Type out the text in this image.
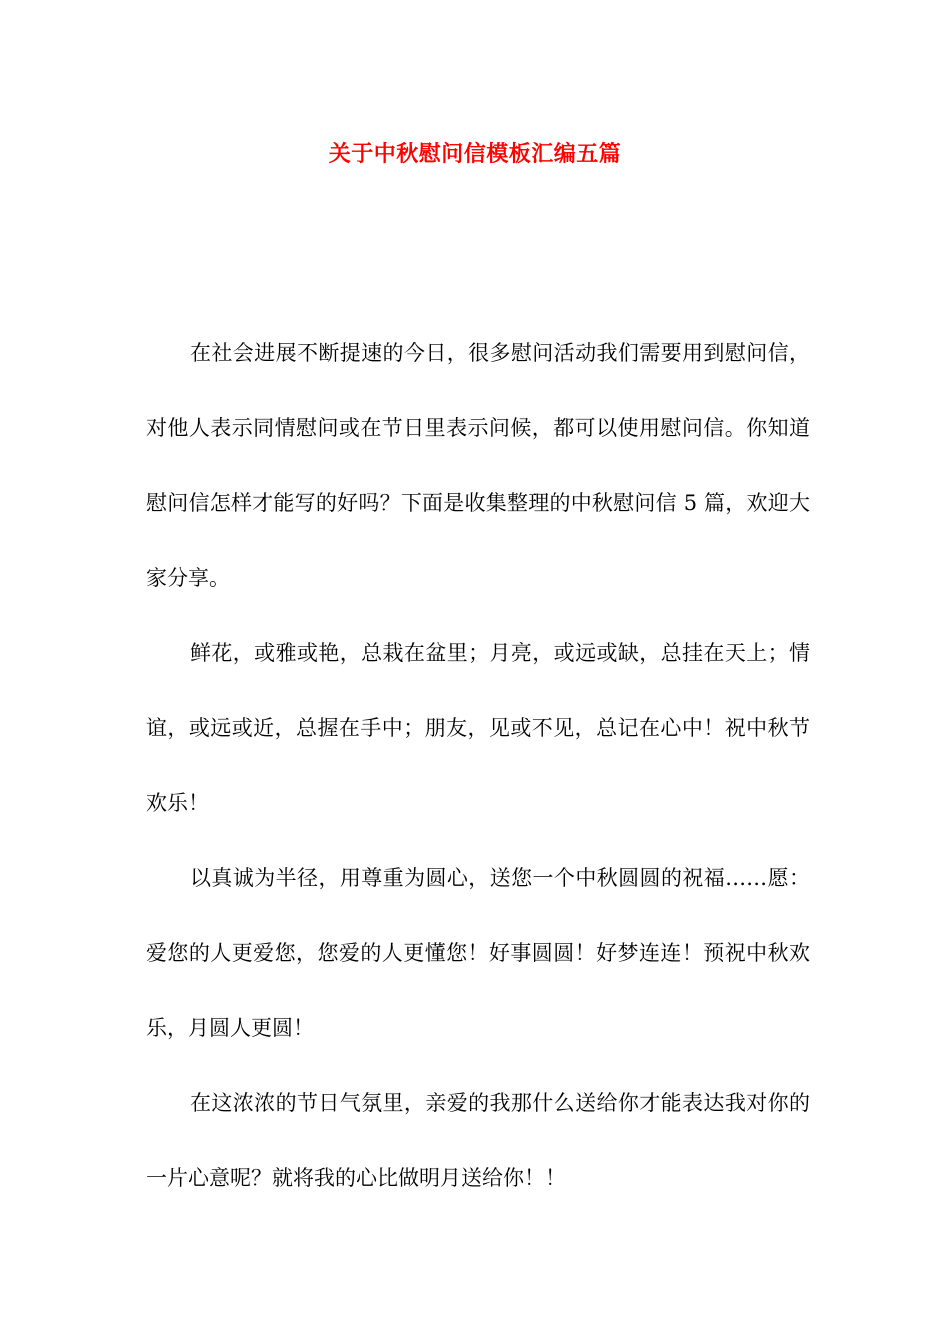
关于中秋慰问信模板汇编五篇

在社会进展不断提速的今日，很多慰问活动我们需要用到慰问信，对他人表示同情慰问或在节日里表示问候，都可以使用慰问信。你知道慰问信怎样才能写的好吗？下面是收集整理的中秋慰问信 5 篇，欢迎大家分享。

鲜花，或雅或艳，总栽在盆里；月亮，或远或缺，总挂在天上；情谊，或远或近，总握在手中；朋友，见或不见，总记在心中！祝中秋节欢乐！

以真诚为半径，用尊重为圆心，送您一个中秋圆圆的祝福……愿：爱您的人更爱您，您爱的人更懂您！好事圆圆！好梦连连！预祝中秋欢乐，月圆人更圆！

在这浓浓的节日气氛里，亲爱的我那什么送给你才能表达我对你的一片心意呢？就将我的心比做明月送给你！！
